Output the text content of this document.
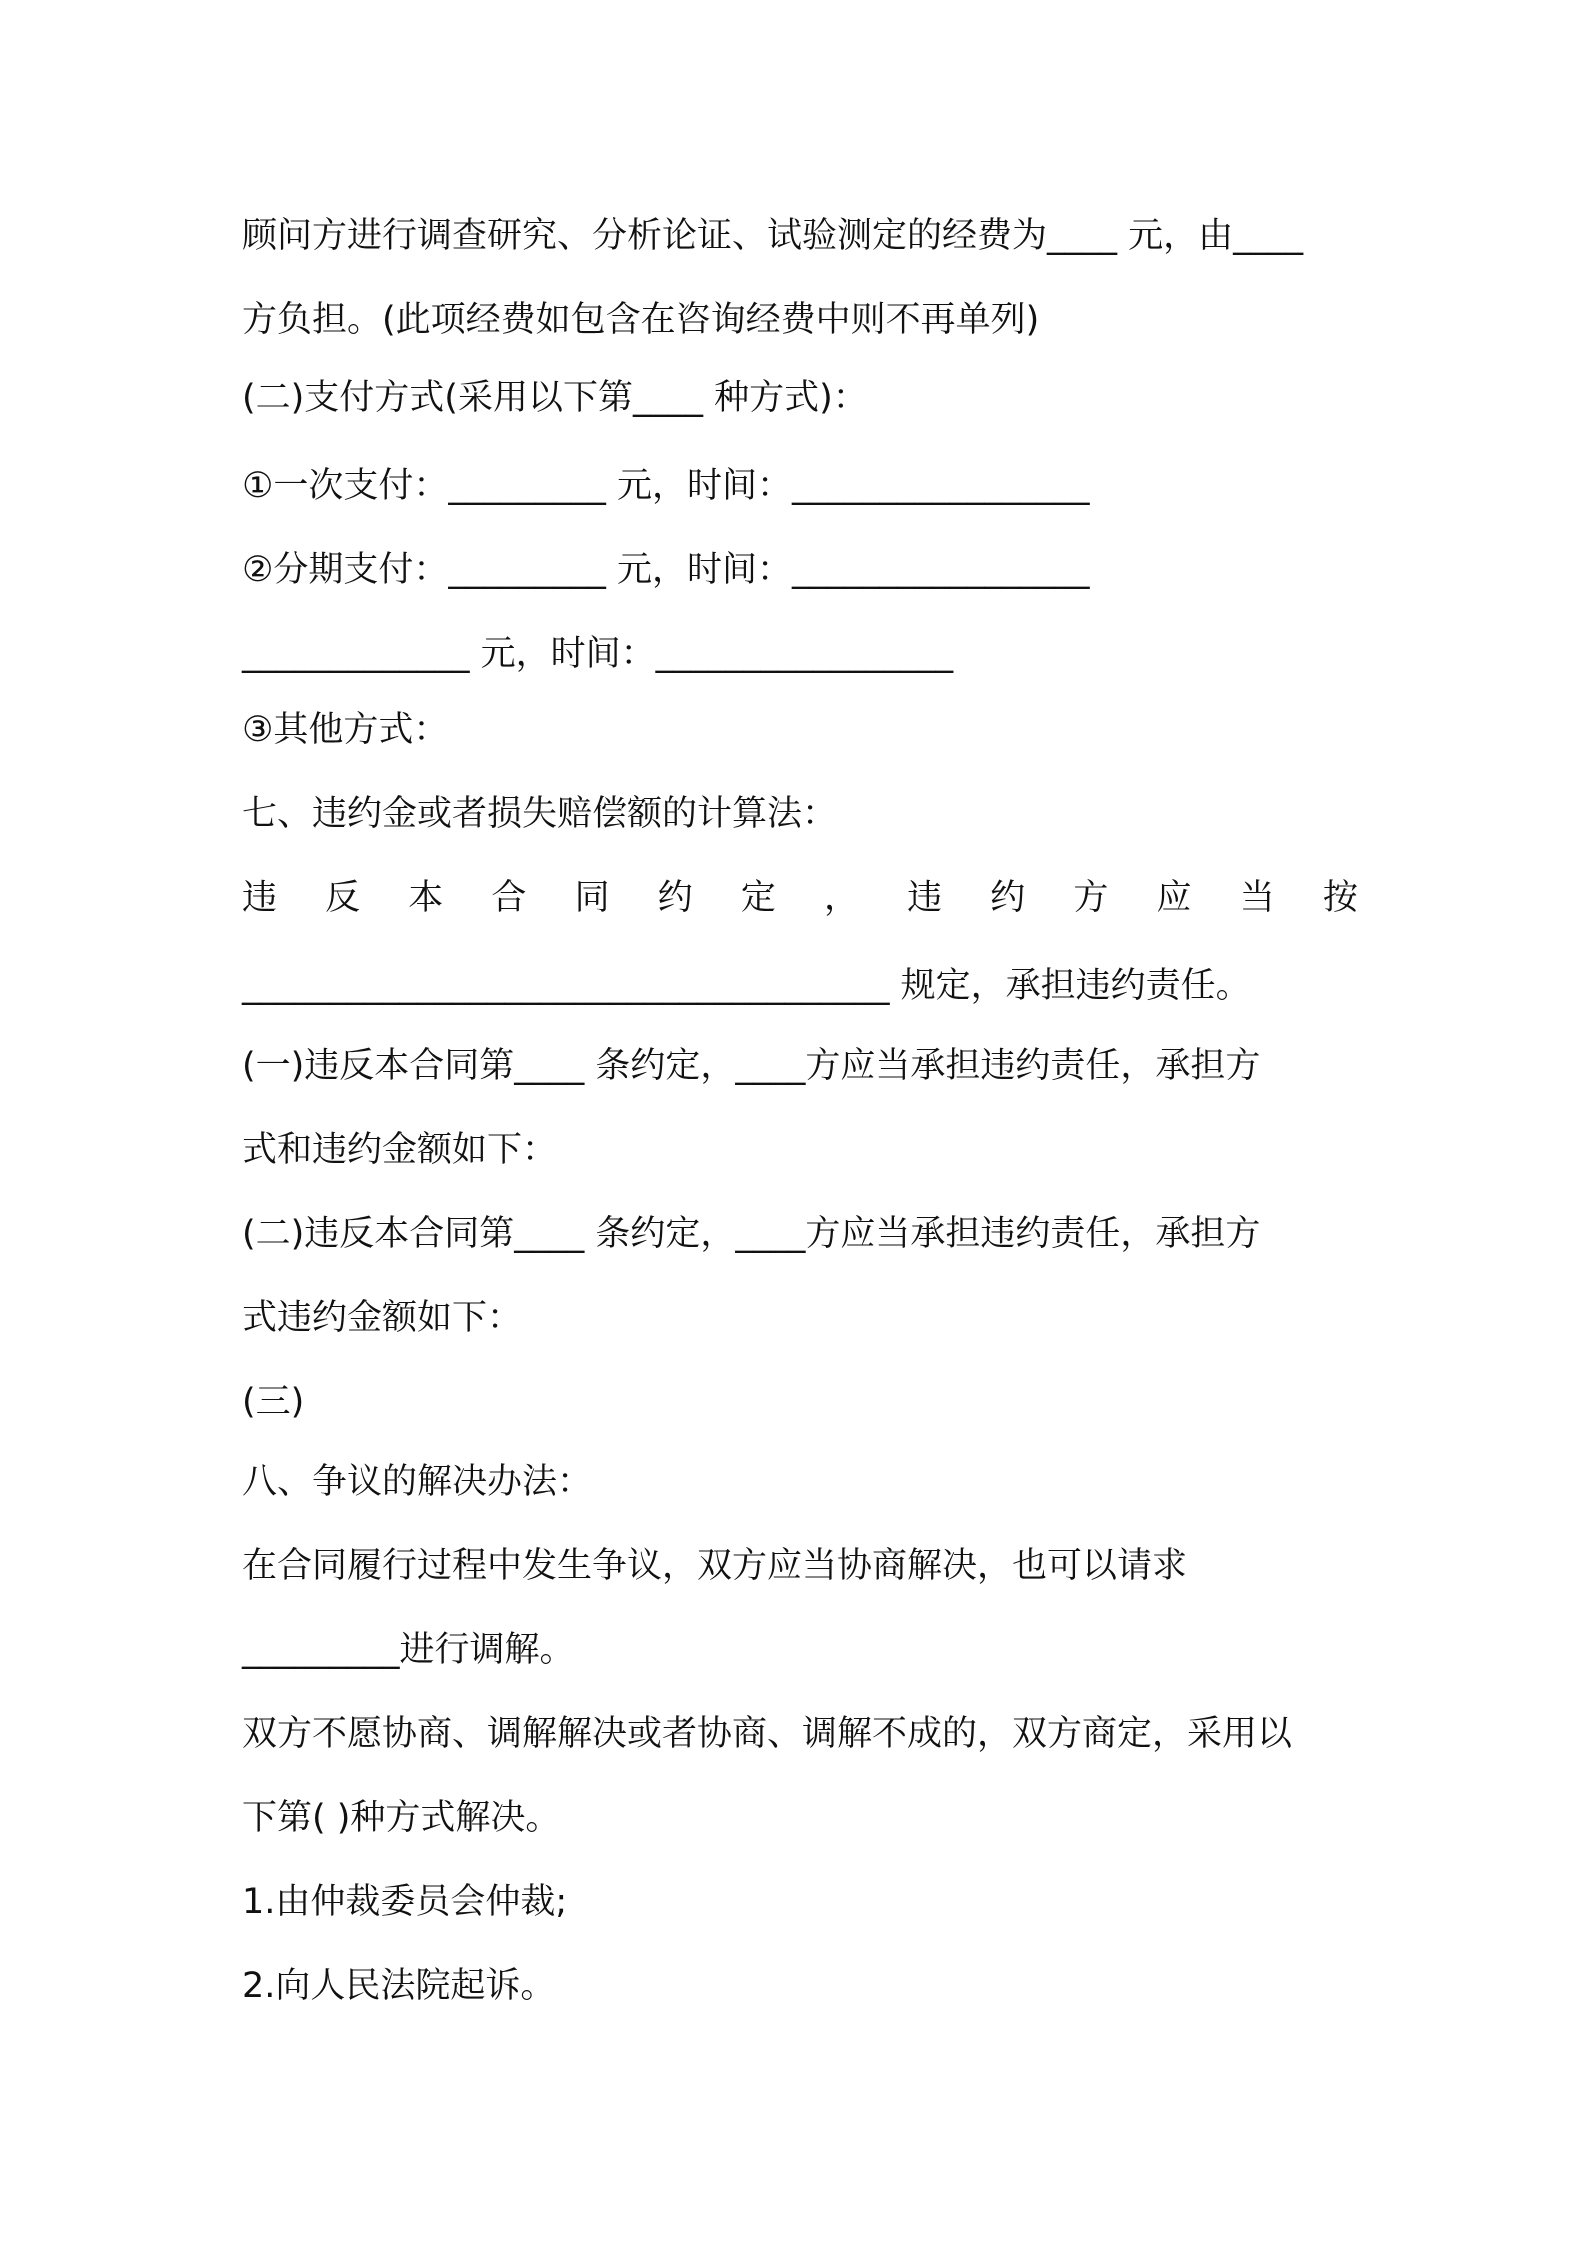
顾问方进行调查研究、分析论证、试验测定的经费为____ 元，由____
方负担。(此项经费如包含在咨询经费中则不再单列)
(二)支付方式(采用以下第____ 种方式)：
①一次支付：_________ 元，时间：_________________
②分期支付：_________ 元，时间：_________________
_____________ 元，时间：_________________
③其他方式：
七、违约金或者损失赔偿额的计算法：
违 反 本 合 同 约 定 ， 违 约 方 应 当 按
_____________________________________ 规定，承担违约责任。
(一)违反本合同第____ 条约定，____方应当承担违约责任，承担方
式和违约金额如下：
(二)违反本合同第____ 条约定，____方应当承担违约责任，承担方
式违约金额如下：
(三)
八、争议的解决办法：
在合同履行过程中发生争议，双方应当协商解决，也可以请求
_________进行调解。
双方不愿协商、调解解决或者协商、调解不成的，双方商定，采用以
下第( )种方式解决。
1.由仲裁委员会仲裁;
2.向人民法院起诉。
